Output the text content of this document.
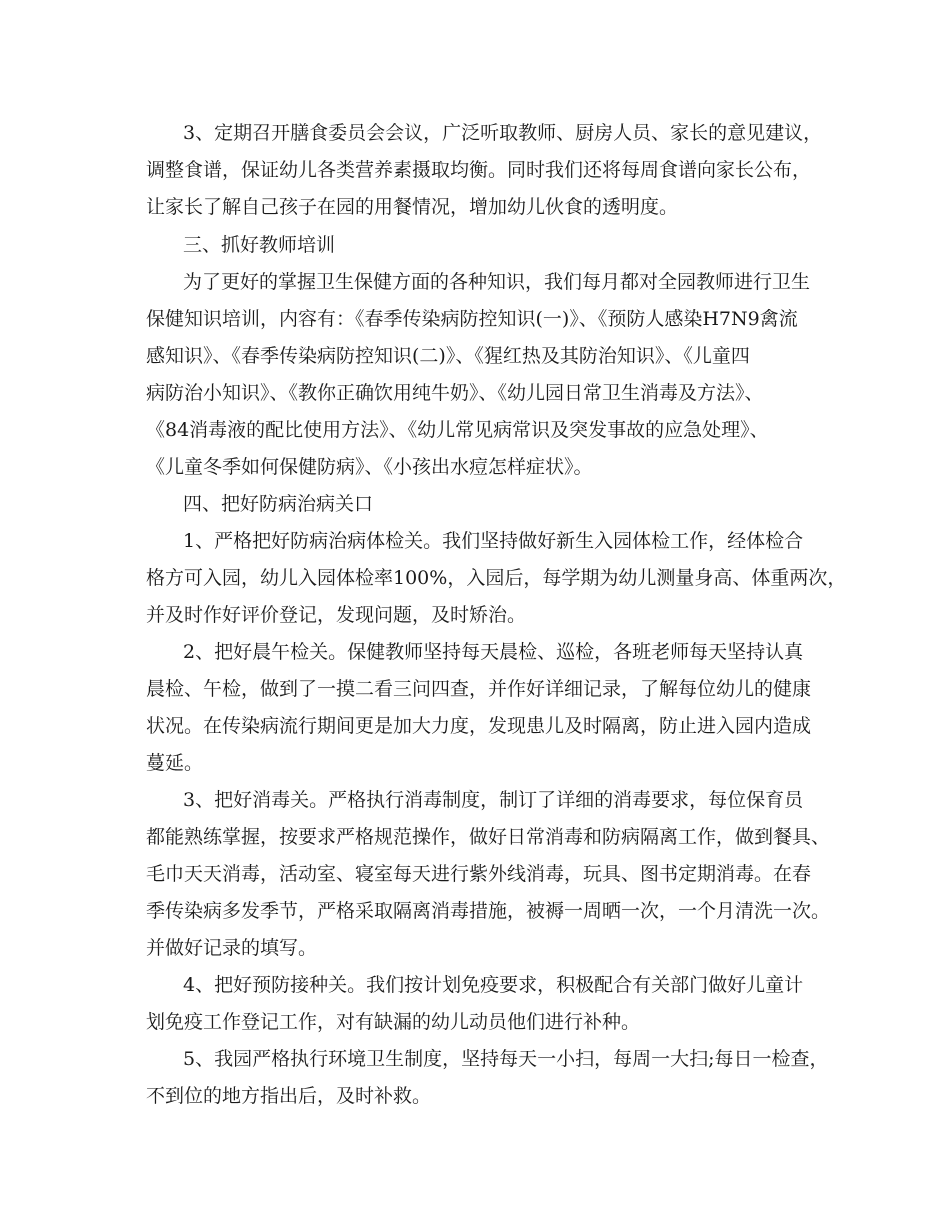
3、定期召开膳食委员会会议，广泛听取教师、厨房人员、家长的意见建议，

调整食谱，保证幼儿各类营养素摄取均衡。同时我们还将每周食谱向家长公布，

让家长了解自己孩子在园的用餐情况，增加幼儿伙食的透明度。

三、抓好教师培训

为了更好的掌握卫生保健方面的各种知识，我们每月都对全园教师进行卫生

保健知识培训，内容有：《春季传染病防控知识(一)》、《预防人感染H7N9禽流

感知识》、《春季传染病防控知识(二)》、《猩红热及其防治知识》、《儿童四

病防治小知识》、《教你正确饮用纯牛奶》、《幼儿园日常卫生消毒及方法》、

《84消毒液的配比使用方法》、《幼儿常见病常识及突发事故的应急处理》、

《儿童冬季如何保健防病》、《小孩出水痘怎样症状》。

四、把好防病治病关口

1、严格把好防病治病体检关。我们坚持做好新生入园体检工作，经体检合

格方可入园，幼儿入园体检率100%，入园后，每学期为幼儿测量身高、体重两次，

并及时作好评价登记，发现问题，及时矫治。

2、把好晨午检关。保健教师坚持每天晨检、巡检，各班老师每天坚持认真

晨检、午检，做到了一摸二看三问四查，并作好详细记录，了解每位幼儿的健康

状况。在传染病流行期间更是加大力度，发现患儿及时隔离，防止进入园内造成

蔓延。

3、把好消毒关。严格执行消毒制度，制订了详细的消毒要求，每位保育员

都能熟练掌握，按要求严格规范操作，做好日常消毒和防病隔离工作，做到餐具、

毛巾天天消毒，活动室、寝室每天进行紫外线消毒，玩具、图书定期消毒。在春

季传染病多发季节，严格采取隔离消毒措施，被褥一周晒一次，一个月清洗一次。

并做好记录的填写。

4、把好预防接种关。我们按计划免疫要求，积极配合有关部门做好儿童计

划免疫工作登记工作，对有缺漏的幼儿动员他们进行补种。

5、我园严格执行环境卫生制度，坚持每天一小扫，每周一大扫;每日一检查，

不到位的地方指出后，及时补救。
